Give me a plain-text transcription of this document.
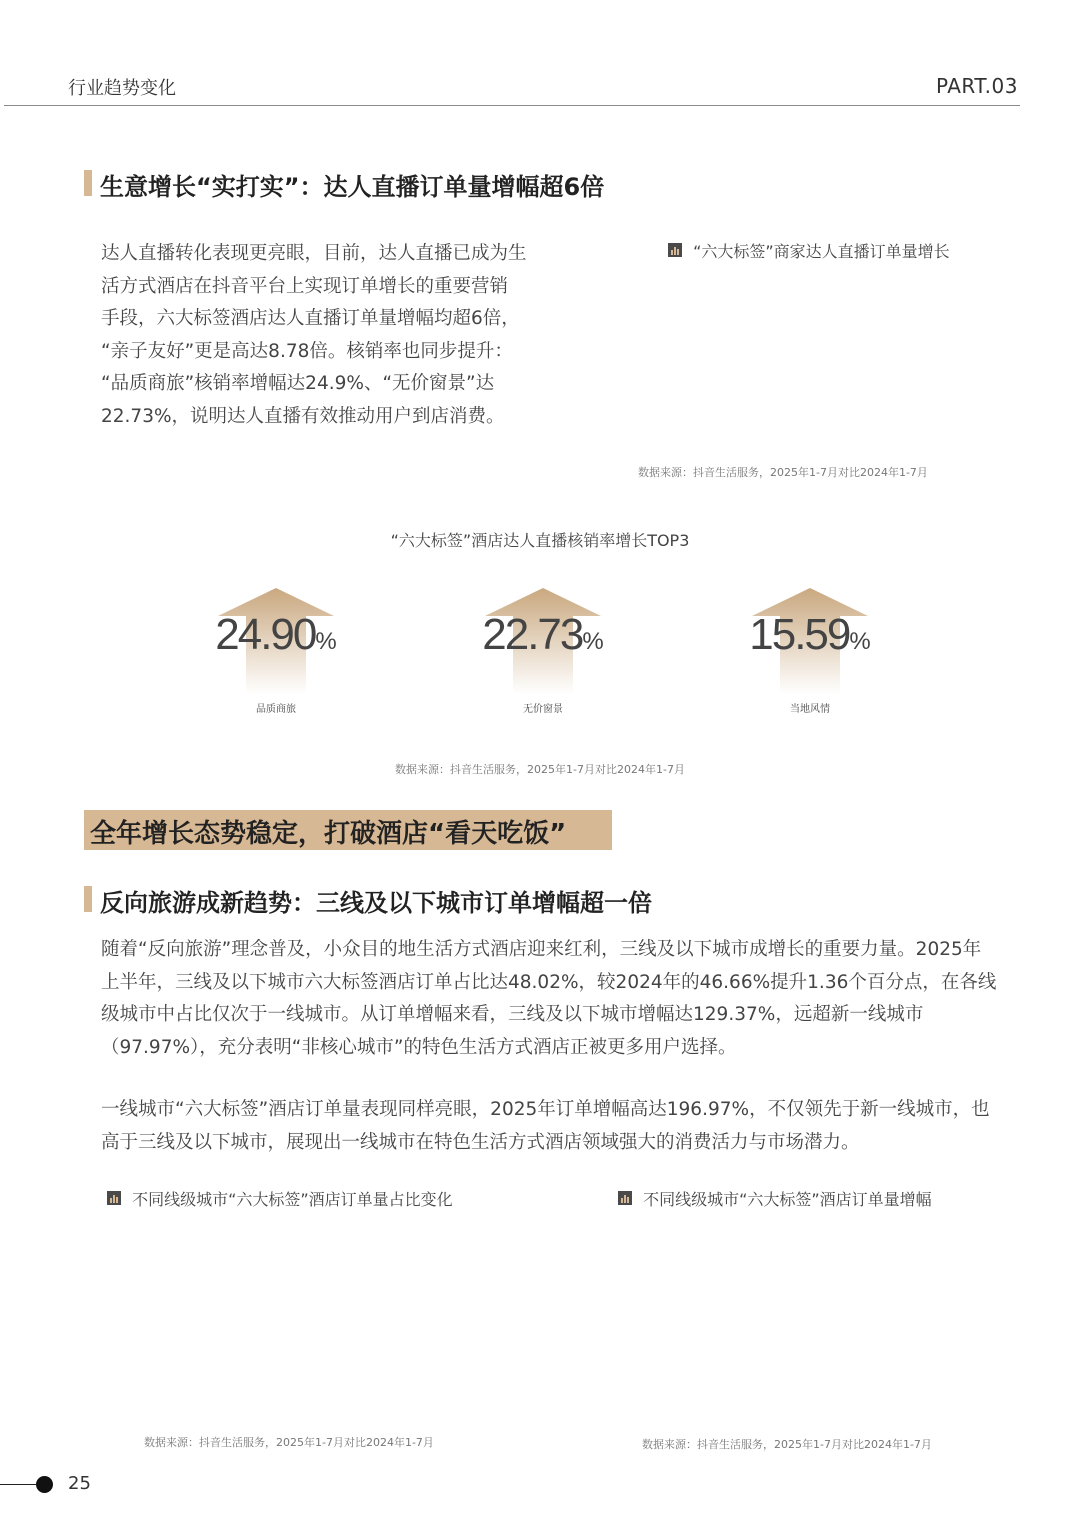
行业趋势变化	PART.03
生意增长“实打实”：达人直播订单量增幅超6倍
达人直播转化表现更亮眼，目前，达人直播已成为生
活方式酒店在抖音平台上实现订单增长的重要营销
手段，六大标签酒店达人直播订单量增幅均超6倍，
“亲子友好”更是高达8.78倍。核销率也同步提升：
“品质商旅”核销率增幅达24.9%、“无价窗景”达
22.73%，说明达人直播有效推动用户到店消费。
“六大标签”商家达人直播订单量增长
数据来源：抖音生活服务，2025年1-7月对比2024年1-7月
“六大标签”酒店达人直播核销率增长TOP3
24.90%
品质商旅
22.73%
无价窗景
15.59%
当地风情
数据来源：抖音生活服务，2025年1-7月对比2024年1-7月
全年增长态势稳定，打破酒店“看天吃饭”
反向旅游成新趋势：三线及以下城市订单增幅超一倍
随着“反向旅游”理念普及，小众目的地生活方式酒店迎来红利，三线及以下城市成增长的重要力量。2025年
上半年，三线及以下城市六大标签酒店订单占比达48.02%，较2024年的46.66%提升1.36个百分点，在各线
级城市中占比仅次于一线城市。从订单增幅来看，三线及以下城市增幅达129.37%，远超新一线城市
（97.97%），充分表明“非核心城市”的特色生活方式酒店正被更多用户选择。
一线城市“六大标签”酒店订单量表现同样亮眼，2025年订单增幅高达196.97%，不仅领先于新一线城市，也
高于三线及以下城市，展现出一线城市在特色生活方式酒店领域强大的消费活力与市场潜力。
不同线级城市“六大标签”酒店订单量占比变化
数据来源：抖音生活服务，2025年1-7月对比2024年1-7月
不同线级城市“六大标签”酒店订单量增幅
数据来源：抖音生活服务，2025年1-7月对比2024年1-7月
25
